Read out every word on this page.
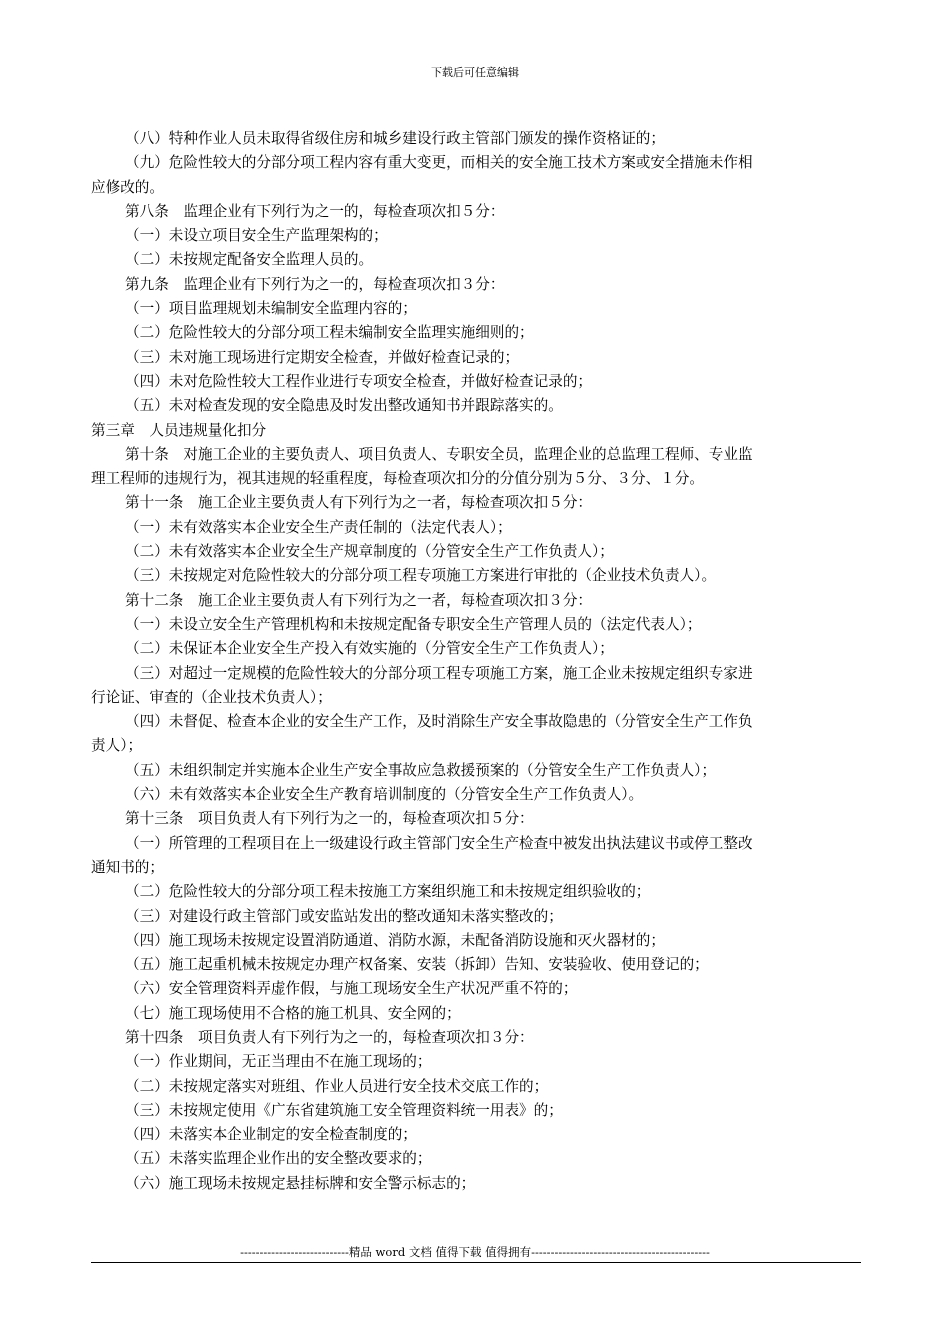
下载后可任意编辑
（八）特种作业人员未取得省级住房和城乡建设行政主管部门颁发的操作资格证的；
（九）危险性较大的分部分项工程内容有重大变更，而相关的安全施工技术方案或安全措施未作相
应修改的。
第八条　监理企业有下列行为之一的，每检查项次扣５分：
（一）未设立项目安全生产监理架构的；
（二）未按规定配备安全监理人员的。
第九条　监理企业有下列行为之一的，每检查项次扣３分：
（一）项目监理规划未编制安全监理内容的；
（二）危险性较大的分部分项工程未编制安全监理实施细则的；
（三）未对施工现场进行定期安全检查，并做好检查记录的；
（四）未对危险性较大工程作业进行专项安全检查，并做好检查记录的；
（五）未对检查发现的安全隐患及时发出整改通知书并跟踪落实的。
第三章　人员违规量化扣分
第十条　对施工企业的主要负责人、项目负责人、专职安全员，监理企业的总监理工程师、专业监
理工程师的违规行为，视其违规的轻重程度，每检查项次扣分的分值分别为５分、３分、１分。
第十一条　施工企业主要负责人有下列行为之一者，每检查项次扣５分：
（一）未有效落实本企业安全生产责任制的（法定代表人）；
（二）未有效落实本企业安全生产规章制度的（分管安全生产工作负责人）；
（三）未按规定对危险性较大的分部分项工程专项施工方案进行审批的（企业技术负责人）。
第十二条　施工企业主要负责人有下列行为之一者，每检查项次扣３分：
（一）未设立安全生产管理机构和未按规定配备专职安全生产管理人员的（法定代表人）；
（二）未保证本企业安全生产投入有效实施的（分管安全生产工作负责人）；
（三）对超过一定规模的危险性较大的分部分项工程专项施工方案，施工企业未按规定组织专家进
行论证、审查的（企业技术负责人）；
（四）未督促、检查本企业的安全生产工作，及时消除生产安全事故隐患的（分管安全生产工作负
责人）；
（五）未组织制定并实施本企业生产安全事故应急救援预案的（分管安全生产工作负责人）；
（六）未有效落实本企业安全生产教育培训制度的（分管安全生产工作负责人）。
第十三条　项目负责人有下列行为之一的，每检查项次扣５分：
（一）所管理的工程项目在上一级建设行政主管部门安全生产检查中被发出执法建议书或停工整改
通知书的；
（二）危险性较大的分部分项工程未按施工方案组织施工和未按规定组织验收的；
（三）对建设行政主管部门或安监站发出的整改通知未落实整改的；
（四）施工现场未按规定设置消防通道、消防水源，未配备消防设施和灭火器材的；
（五）施工起重机械未按规定办理产权备案、安装（拆卸）告知、安装验收、使用登记的；
（六）安全管理资料弄虚作假，与施工现场安全生产状况严重不符的；
（七）施工现场使用不合格的施工机具、安全网的；
第十四条　项目负责人有下列行为之一的，每检查项次扣３分：
（一）作业期间，无正当理由不在施工现场的；
（二）未按规定落实对班组、作业人员进行安全技术交底工作的；
（三）未按规定使用《广东省建筑施工安全管理资料统一用表》的；
（四）未落实本企业制定的安全检查制度的；
（五）未落实监理企业作出的安全整改要求的；
（六）施工现场未按规定悬挂标牌和安全警示标志的；
----------------------------精品 word 文档 值得下载 值得拥有----------------------------------------------
